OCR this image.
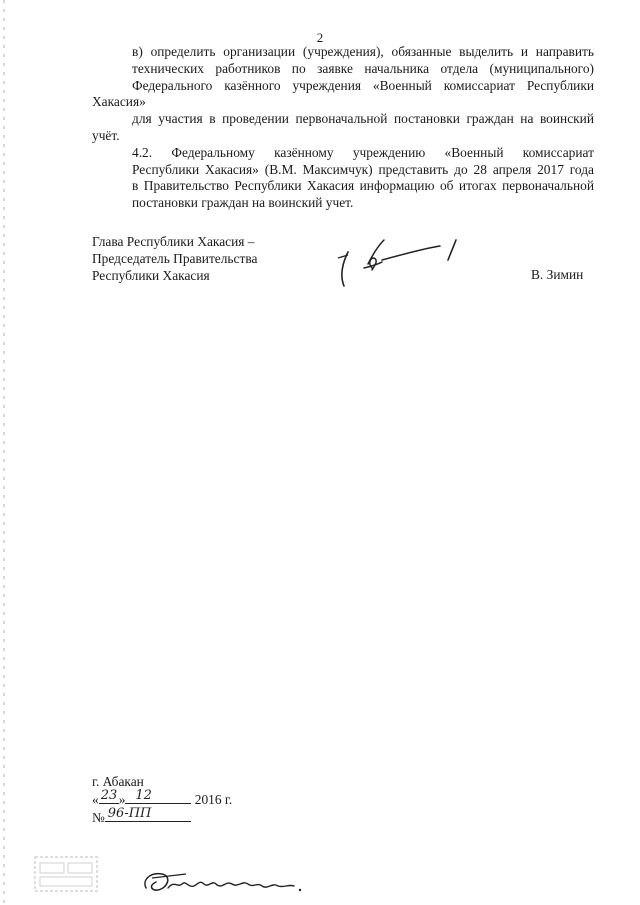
2

в) определить организации (учреждения), обязанные выделить и направить
технических работников по заявке начальника отдела (муниципального)
Федерального казённого учреждения «Военный комиссариат Республики Хакасия»
для участия в проведении первоначальной постановки граждан на воинский учёт.

4.2. Федеральному казённому учреждению «Военный комиссариат
Республики Хакасия» (В.М. Максимчук) представить до 28 апреля 2017 года
в Правительство Республики Хакасия информацию об итогах первоначальной
постановки граждан на воинский учет.

Глава Республики Хакасия –
Председатель Правительства
Республики Хакасия	В. Зимин
г. Абакан
« 23 » 12	2016 г.
№ 96-ПП
